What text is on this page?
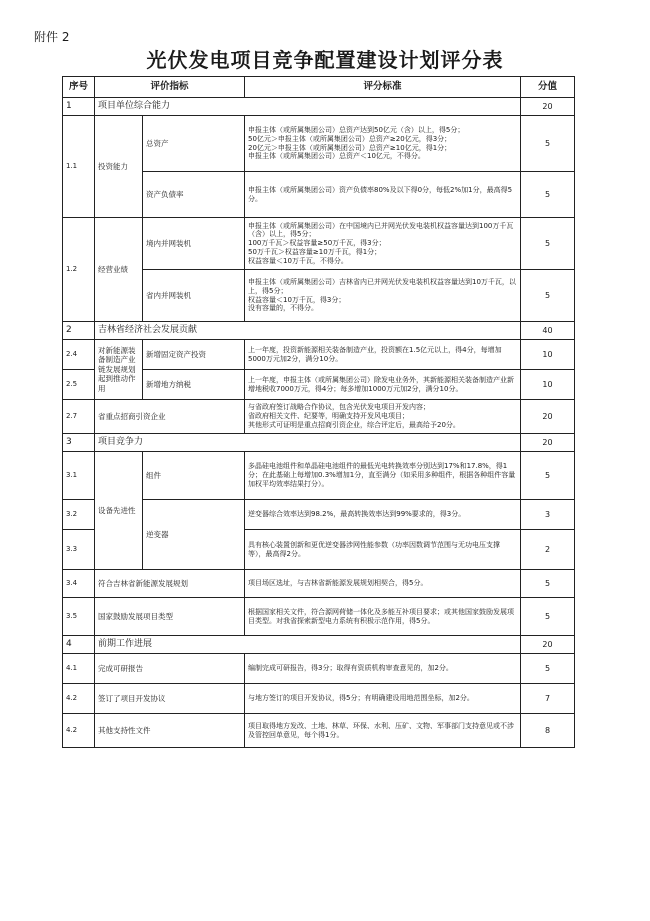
附件 2
光伏发电项目竞争配置建设计划评分表
序号	评价指标		评分标准	分值
1	项目单位综合能力			20
1.1	投资能力	总资产	申报主体（或所属集团公司）总资产达到50亿元（含）以上，得5分；
50亿元＞申报主体（或所属集团公司）总资产≥20亿元，得3分；
20亿元＞申报主体（或所属集团公司）总资产≥10亿元，得1分；
申报主体（或所属集团公司）总资产＜10亿元，不得分。	5
		资产负债率	申报主体（或所属集团公司）资产负债率80%及以下得0分，每低2%加1分，最高得5分。	5
1.2	经营业绩	境内并网装机	申报主体（或所属集团公司）在中国境内已并网光伏发电装机权益容量达到100万千瓦（含）以上，得5分；
100万千瓦＞权益容量≥50万千瓦，得3分；
50万千瓦＞权益容量≥10万千瓦，得1分；
权益容量＜10万千瓦，不得分。	5
		省内并网装机	申报主体（或所属集团公司）吉林省内已并网光伏发电装机权益容量达到10万千瓦，以上，得5分；
权益容量＜10万千瓦，得3分；
没有容量的，不得分。	5
2	吉林省经济社会发展贡献			40
2.4	对新能源装备制造产业链发展规划起到推动作用	新增固定资产投资	上一年度，投资新能源相关装备制造产业，投资额在1.5亿元以上，得4分，每增加5000万元加2分，满分10分。	10
2.5		新增地方纳税	上一年度，申报主体（或所属集团公司）除发电业务外，其新能源相关装备制造产业新增地税收7000万元，得4分；每多增加1000万元加2分，满分10分。	10
2.7	省重点招商引资企业		与省政府签订战略合作协议，包含光伏发电项目开发内容；
省政府相关文件、纪要等，明确支持开发风电项目；
其他形式可证明是重点招商引资企业，综合评定后，最高给予20分。	20
3	项目竞争力			20
3.1	设备先进性	组件	多晶硅电池组件和单晶硅电池组件的最低光电转换效率分别达到17%和17.8%，得1分；在此基础上每增加0.3%增加1分，直至满分（如采用多种组件，根据各种组件容量加权平均效率结果打分）。	5
3.2		逆变器	逆变器综合效率达到98.2%，最高转换效率达到99%要求的，得3分。	3
3.3			具有核心装置创新和更优逆变器涉网性能参数（功率因数调节范围与无功电压支撑等），最高得2分。	2
3.4	符合吉林省新能源发展规划		项目场区选址，与吉林省新能源发展规划相契合，得5分。	5
3.5	国家鼓励发展项目类型		根据国家相关文件，符合源网荷储一体化及多能互补项目要求；或其他国家鼓励发展项目类型。对我省探索新型电力系统有积极示范作用，得5分。	5
4	前期工作进展			20
4.1	完成可研报告		编制完成可研报告，得3分；取得有资质机构审查意见的，加2分。	5
4.2	签订了项目开发协议		与地方签订的项目开发协议，得5分；有明确建设用地范围坐标，加2分。	7
4.2	其他支持性文件		项目取得地方发改、土地、林草、环保、水利、压矿、文物、军事部门支持意见或不涉及管控回单意见，每个得1分。	8
